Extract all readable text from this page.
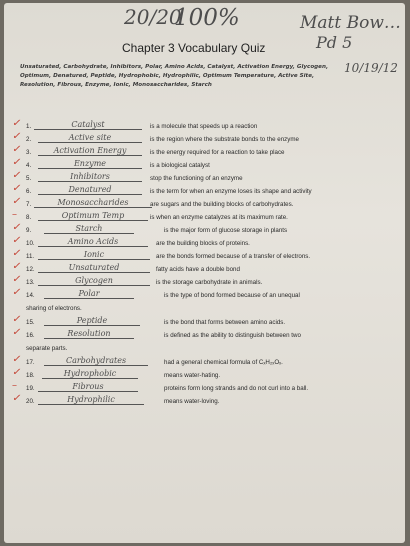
20/20
100%	Matt Bow…
Pd 5
10/19/12
Chapter 3 Vocabulary Quiz
Unsaturated, Carbohydrate, Inhibitors, Polar, Amino Acids, Catalyst, Activation Energy, Glycogen, Optimum, Denatured, Peptide, Hydrophobic, Hydrophilic, Optimum Temperature, Active Site, Resolution, Fibrous, Enzyme, Ionic, Monosaccharides, Starch
✓ 1.	Catalyst	is a molecule that speeds up a reaction
✓ 2.	Active site	is the region where the substrate bonds to the enzyme
✓ 3.	Activation Energy	is the energy required for a reaction to take place
✓ 4.	Enzyme	is a biological catalyst
✓ 5.	Inhibitors	stop the functioning of an enzyme
✓ 6.	Denatured	is the term for when an enzyme loses its shape and activity
✓ 7.	Monosaccharides	are sugars and the building blocks of carbohydrates.
– 8.	Optimum Temp	is when an enzyme catalyzes at its maximum rate.
✓ 9.	Starch	is the major form of glucose storage in plants
✓ 10.	Amino Acids	are the building blocks of proteins.
✓ 11.	Ionic	are the bonds formed because of a transfer of electrons.
✓ 12.	Unsaturated	fatty acids have a double bond
✓ 13.	Glycogen	is the storage carbohydrate in animals.
✓ 14.	Polar	is the type of bond formed because of an unequal
sharing of electrons.
✓ 15.	Peptide	is the bond that forms between amino acids.
✓ 16.	Resolution	is defined as the ability to distinguish between two
separate parts.
✓ 17.	Carbohydrates	had a general chemical formula of CₓH₂ₓOₓ.
✓ 18.	Hydrophobic	means water-hating.
– 19.	Fibrous	proteins form long strands and do not curl into a ball.
✓ 20.	Hydrophilic	means water-loving.
